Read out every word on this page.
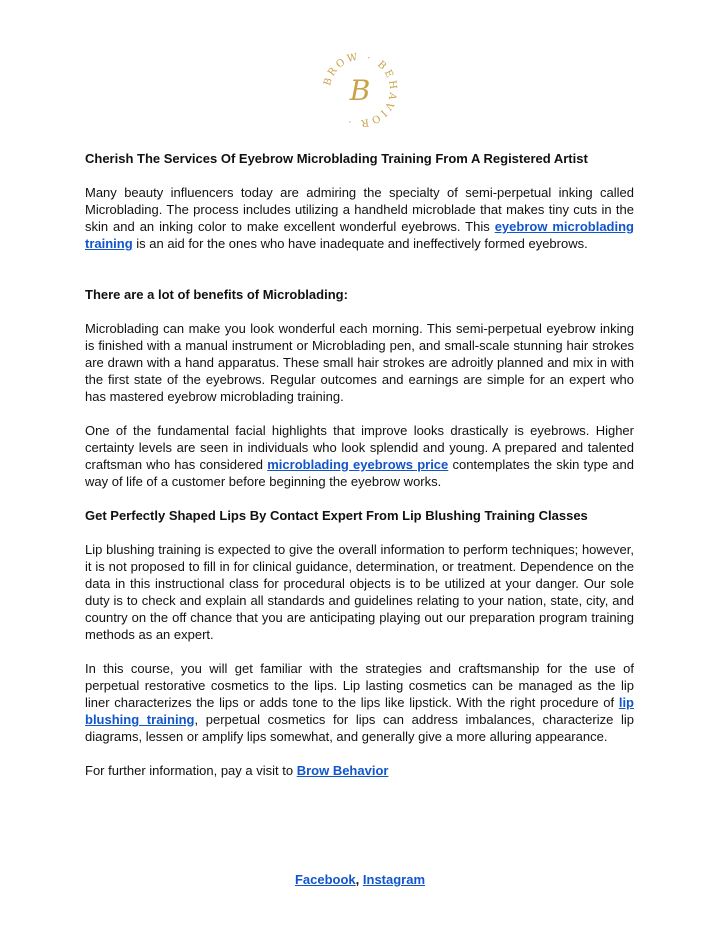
BROW · BEHAVIOR ·
B

Cherish The Services Of Eyebrow Microblading Training From A Registered Artist

Many beauty influencers today are admiring the specialty of semi-perpetual inking called Microblading. The process includes utilizing a handheld microblade that makes tiny cuts in the skin and an inking color to make excellent wonderful eyebrows. This eyebrow microblading training is an aid for the ones who have inadequate and ineffectively formed eyebrows.

There are a lot of benefits of Microblading:

Microblading can make you look wonderful each morning. This semi-perpetual eyebrow inking is finished with a manual instrument or Microblading pen, and small-scale stunning hair strokes are drawn with a hand apparatus. These small hair strokes are adroitly planned and mix in with the first state of the eyebrows. Regular outcomes and earnings are simple for an expert who has mastered eyebrow microblading training.

One of the fundamental facial highlights that improve looks drastically is eyebrows. Higher certainty levels are seen in individuals who look splendid and young. A prepared and talented craftsman who has considered microblading eyebrows price contemplates the skin type and way of life of a customer before beginning the eyebrow works.

Get Perfectly Shaped Lips By Contact Expert From Lip Blushing Training Classes

Lip blushing training is expected to give the overall information to perform techniques; however, it is not proposed to fill in for clinical guidance, determination, or treatment. Dependence on the data in this instructional class for procedural objects is to be utilized at your danger. Our sole duty is to check and explain all standards and guidelines relating to your nation, state, city, and country on the off chance that you are anticipating playing out our preparation program training methods as an expert.

In this course, you will get familiar with the strategies and craftsmanship for the use of perpetual restorative cosmetics to the lips. Lip lasting cosmetics can be managed as the lip liner characterizes the lips or adds tone to the lips like lipstick. With the right procedure of lip blushing training, perpetual cosmetics for lips can address imbalances, characterize lip diagrams, lessen or amplify lips somewhat, and generally give a more alluring appearance.

For further information, pay a visit to Brow Behavior

Facebook, Instagram
